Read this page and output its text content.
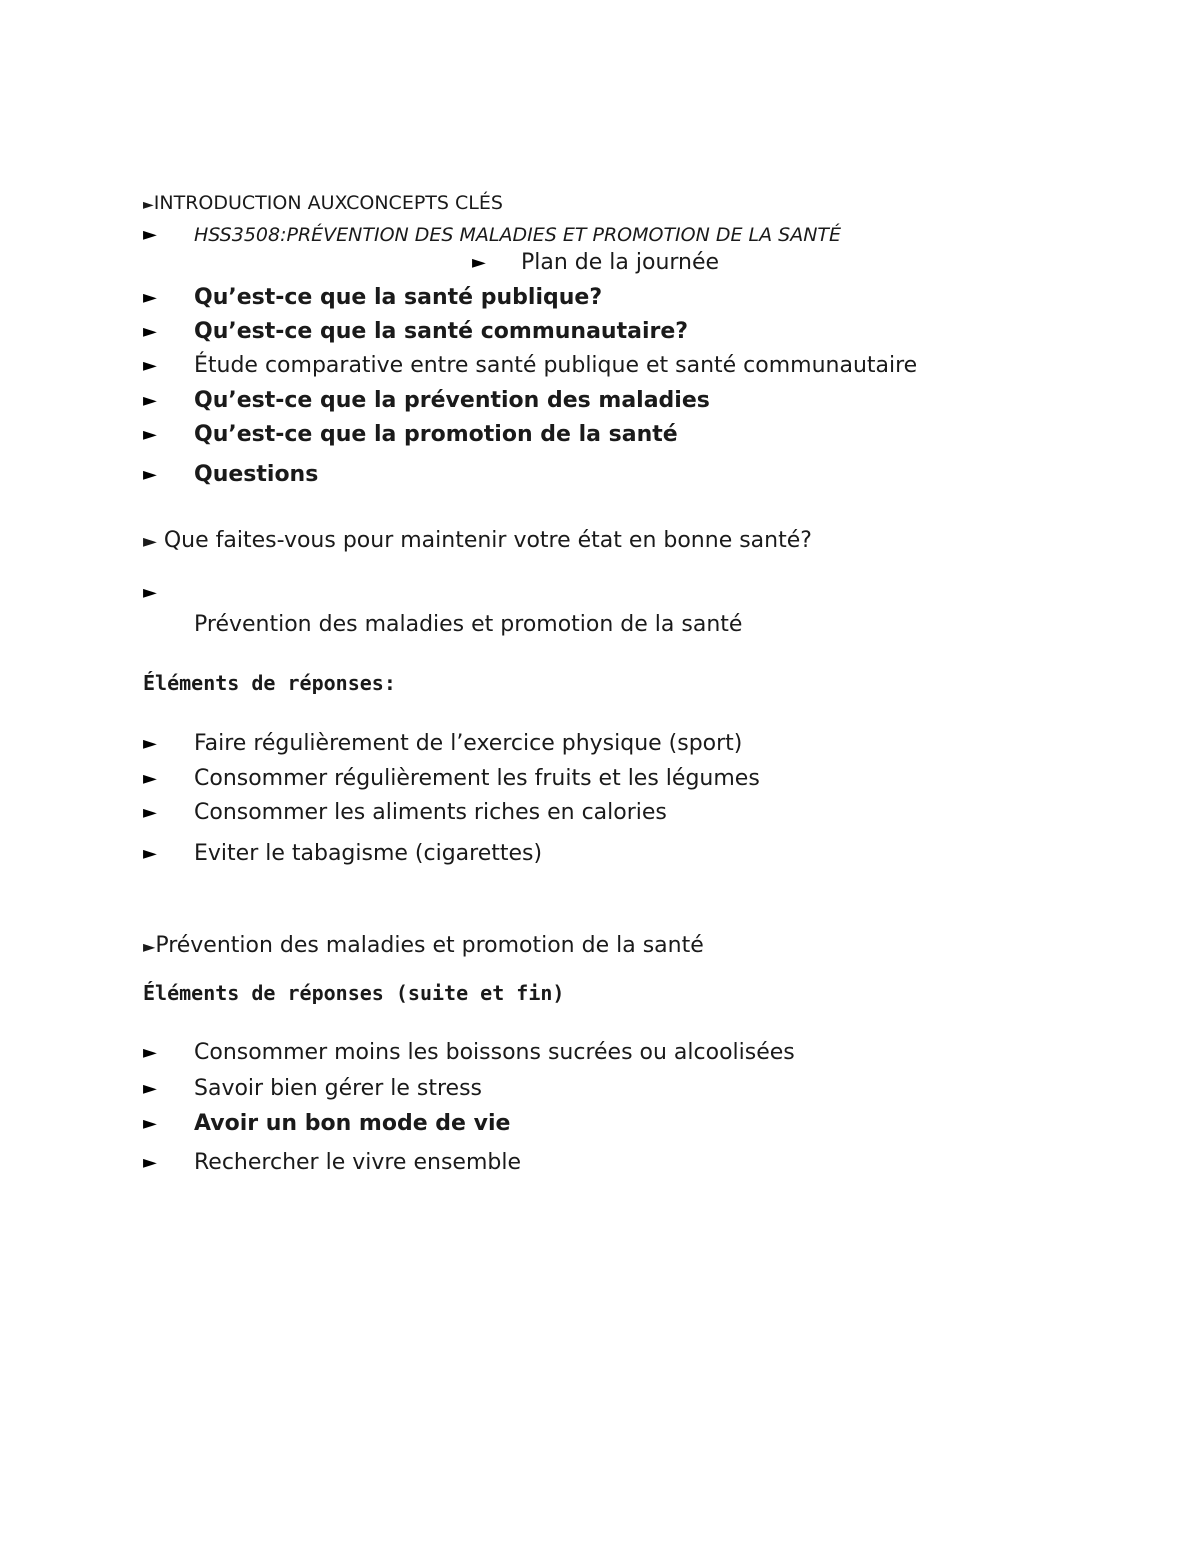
►INTRODUCTION AUXCONCEPTS CLÉS
► HSS3508:PRÉVENTION DES MALADIES ET PROMOTION DE LA SANTÉ
► Plan de la journée
► Qu’est-ce que la santé publique?
► Qu’est-ce que la santé communautaire?
► Étude comparative entre santé publique et santé communautaire
► Qu’est-ce que la prévention des maladies
► Qu’est-ce que la promotion de la santé
► Questions
► Que faites-vous pour maintenir votre état en bonne santé?
►
Prévention des maladies et promotion de la santé
Éléments de réponses:
► Faire régulièrement de l’exercice physique (sport)
► Consommer régulièrement les fruits et les légumes
► Consommer les aliments riches en calories
► Eviter le tabagisme (cigarettes)
►Prévention des maladies et promotion de la santé
Éléments de réponses (suite et fin)
► Consommer moins les boissons sucrées ou alcoolisées
► Savoir bien gérer le stress
► Avoir un bon mode de vie
► Rechercher le vivre ensemble
